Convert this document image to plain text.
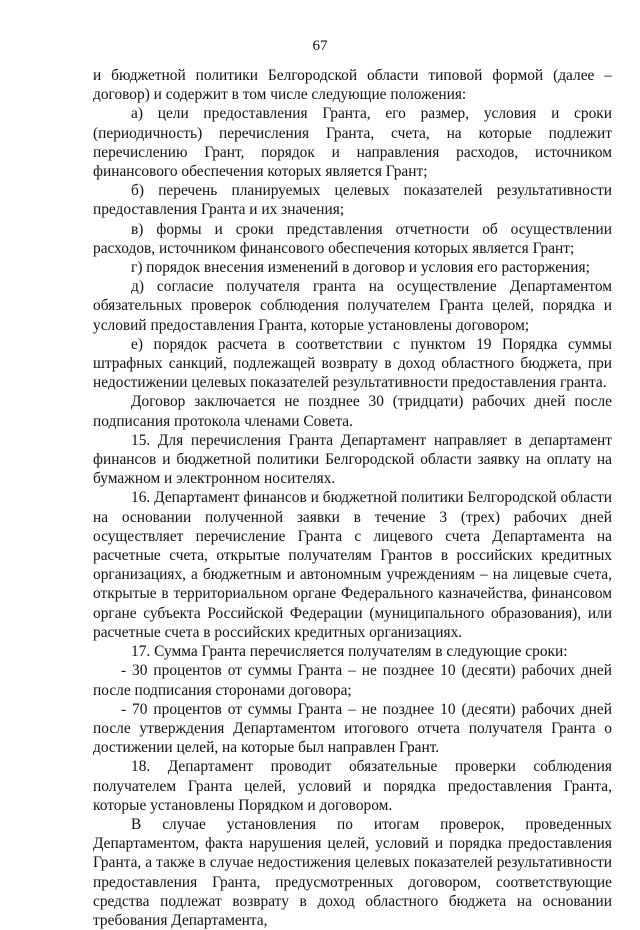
67

и бюджетной политики Белгородской области типовой формой (далее – договор) и содержит в том числе следующие положения:

а) цели предоставления Гранта, его размер, условия и сроки (периодичность) перечисления Гранта, счета, на которые подлежит перечислению Грант, порядок и направления расходов, источником финансового обеспечения которых является Грант;

б) перечень планируемых целевых показателей результативности предоставления Гранта и их значения;

в) формы и сроки представления отчетности об осуществлении расходов, источником финансового обеспечения которых является Грант;

г) порядок внесения изменений в договор и условия его расторжения;

д) согласие получателя гранта на осуществление Департаментом обязательных проверок соблюдения получателем Гранта целей, порядка и условий предоставления Гранта, которые установлены договором;

е) порядок расчета в соответствии с пунктом 19 Порядка суммы штрафных санкций, подлежащей возврату в доход областного бюджета, при недостижении целевых показателей результативности предоставления гранта.

Договор заключается не позднее 30 (тридцати) рабочих дней после подписания протокола членами Совета.

15. Для перечисления Гранта Департамент направляет в департамент финансов и бюджетной политики Белгородской области заявку на оплату на бумажном и электронном носителях.

16. Департамент финансов и бюджетной политики Белгородской области на основании полученной заявки в течение 3 (трех) рабочих дней осуществляет перечисление Гранта с лицевого счета Департамента на расчетные счета, открытые получателям Грантов в российских кредитных организациях, а бюджетным и автономным учреждениям – на лицевые счета, открытые в территориальном органе Федерального казначейства, финансовом органе субъекта Российской Федерации (муниципального образования), или расчетные счета в российских кредитных организациях.

17. Сумма Гранта перечисляется получателям в следующие сроки:

- 30 процентов от суммы Гранта – не позднее 10 (десяти) рабочих дней после подписания сторонами договора;

- 70 процентов от суммы Гранта – не позднее 10 (десяти) рабочих дней после утверждения Департаментом итогового отчета получателя Гранта о достижении целей, на которые был направлен Грант.

18. Департамент проводит обязательные проверки соблюдения получателем Гранта целей, условий и порядка предоставления Гранта, которые установлены Порядком и договором.

В случае установления по итогам проверок, проведенных Департаментом, факта нарушения целей, условий и порядка предоставления Гранта, а также в случае недостижения целевых показателей результативности предоставления Гранта, предусмотренных договором, соответствующие средства подлежат возврату в доход областного бюджета на основании требования Департамента,
